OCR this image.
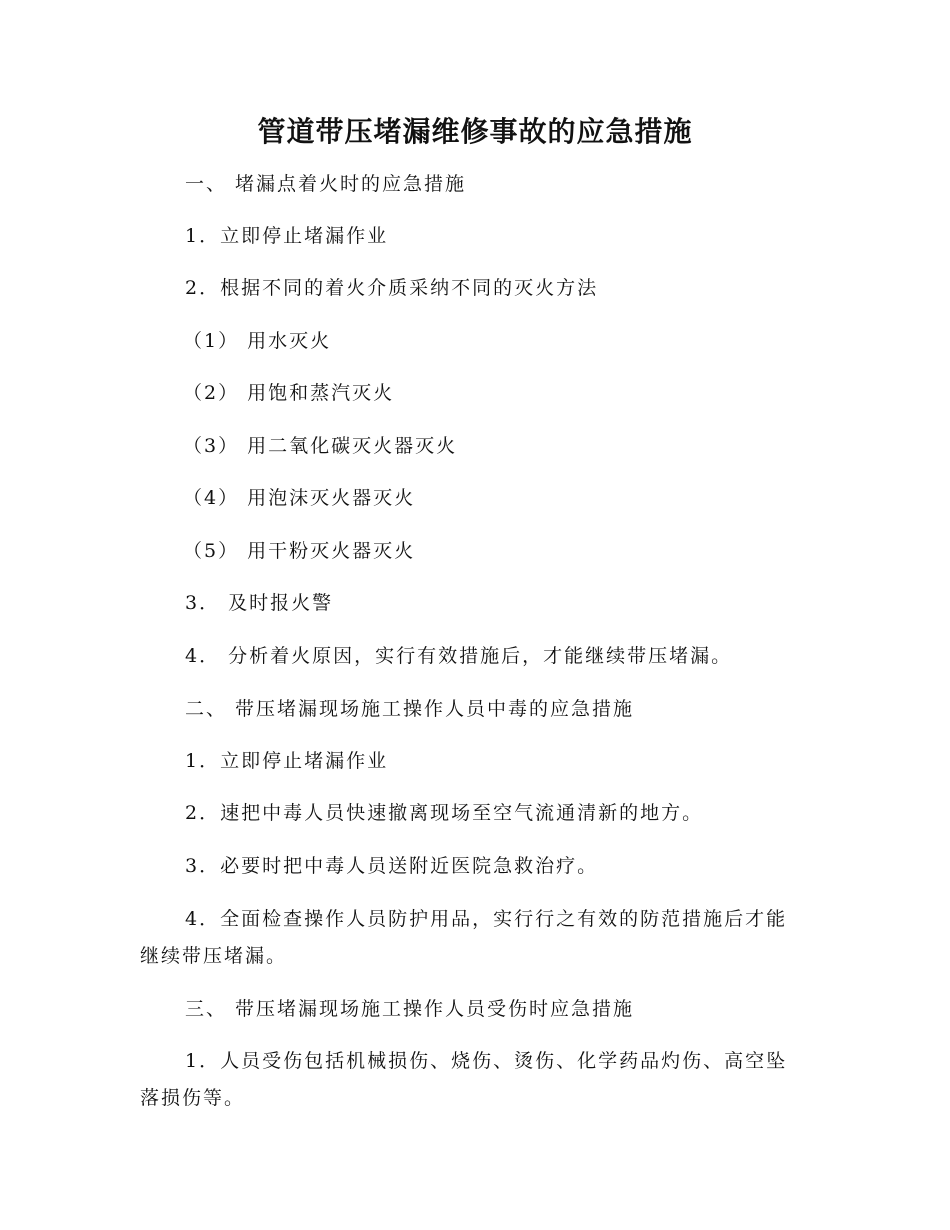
管道带压堵漏维修事故的应急措施
一、 堵漏点着火时的应急措施
1．立即停止堵漏作业
2．根据不同的着火介质采纳不同的灭火方法
（1） 用水灭火
（2） 用饱和蒸汽灭火
（3） 用二氧化碳灭火器灭火
（4） 用泡沫灭火器灭火
（5） 用干粉灭火器灭火
3． 及时报火警
4． 分析着火原因，实行有效措施后，才能继续带压堵漏。
二、 带压堵漏现场施工操作人员中毒的应急措施
1．立即停止堵漏作业
2．速把中毒人员快速撤离现场至空气流通清新的地方。
3．必要时把中毒人员送附近医院急救治疗。
4．全面检查操作人员防护用品，实行行之有效的防范措施后才能
继续带压堵漏。
三、 带压堵漏现场施工操作人员受伤时应急措施
1．人员受伤包括机械损伤、烧伤、烫伤、化学药品灼伤、高空坠
落损伤等。
